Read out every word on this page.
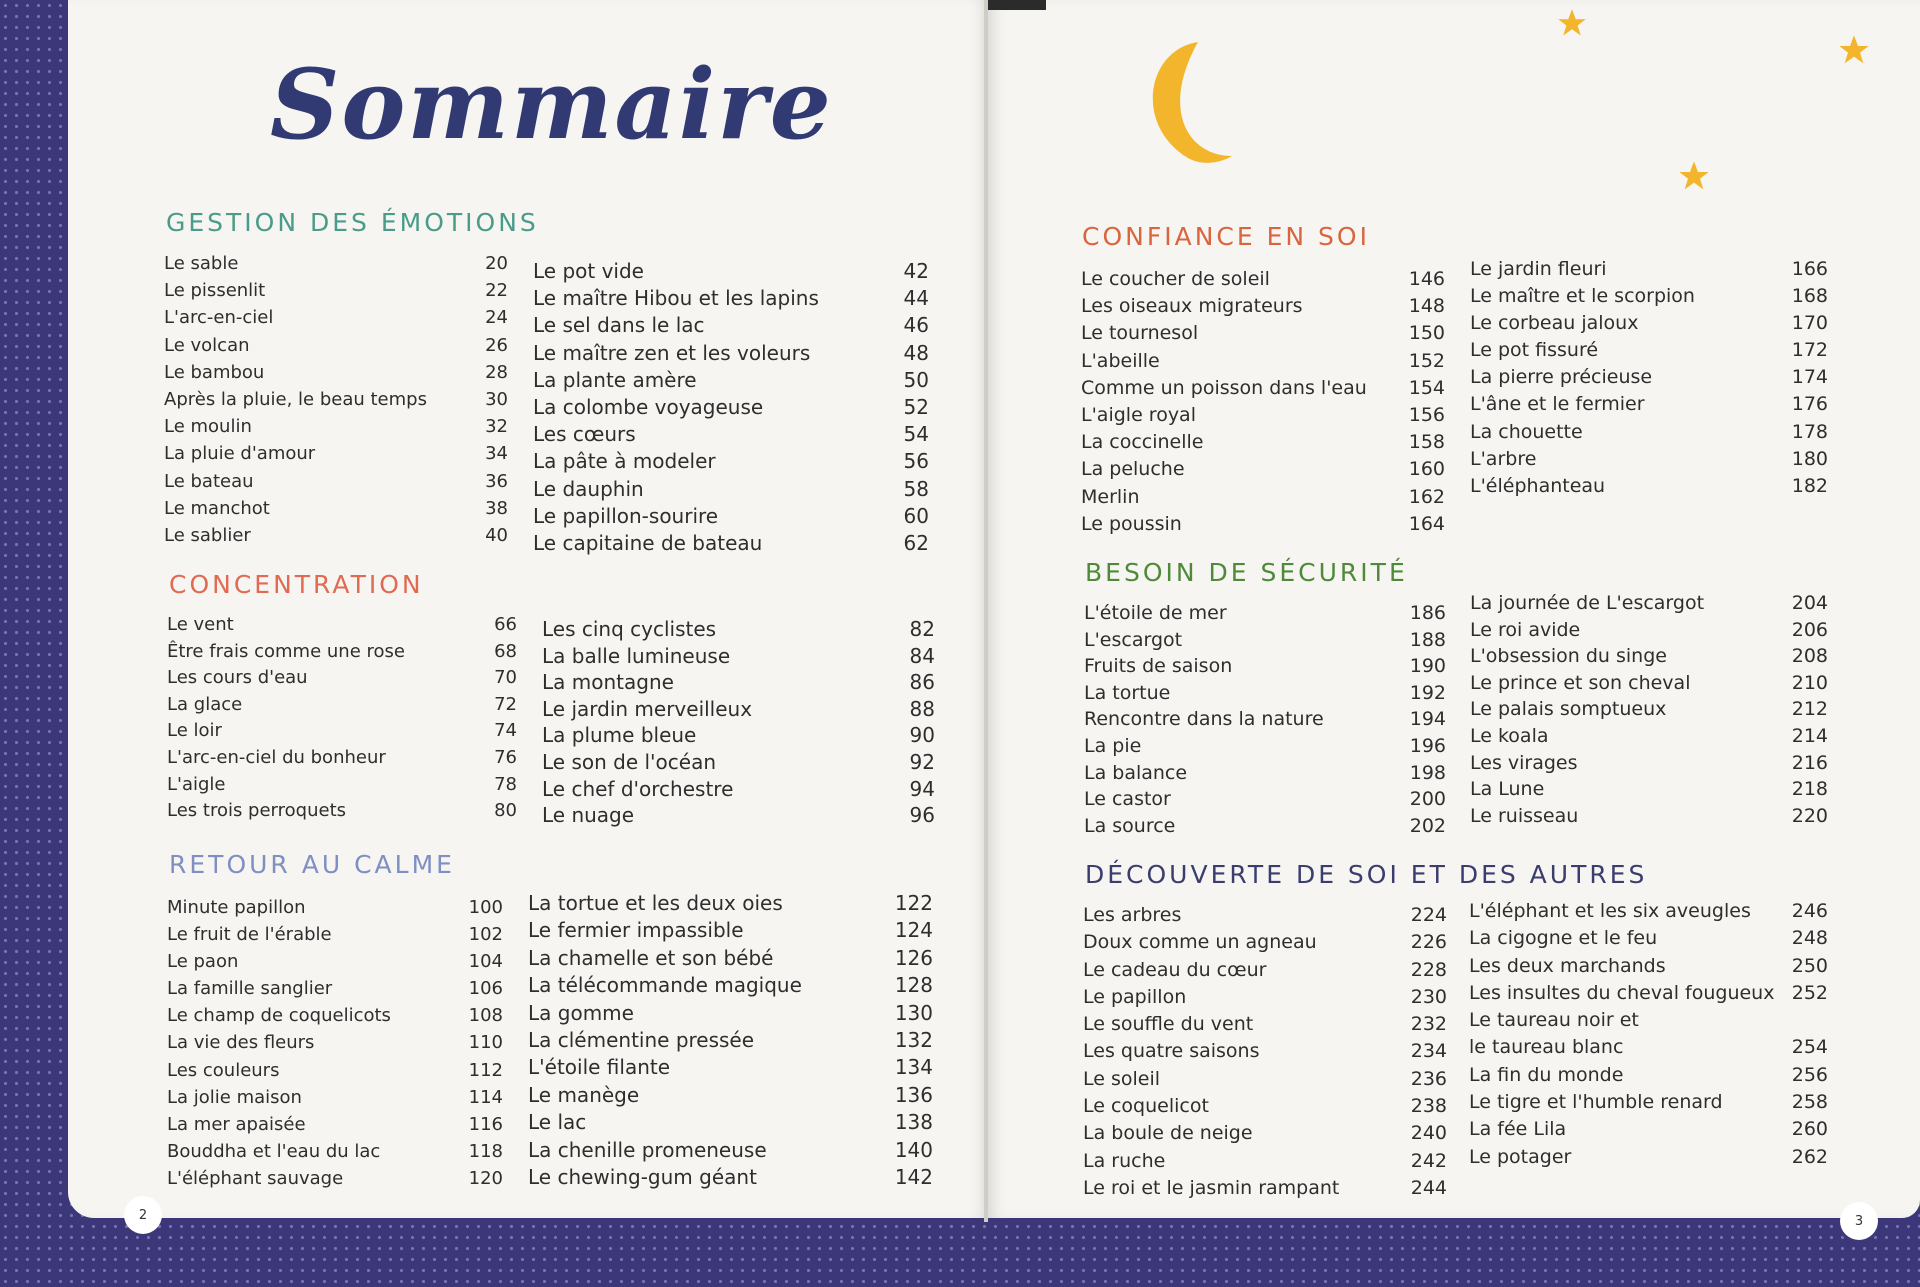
Sommaire
GESTION DES ÉMOTIONS
Le sable	20
Le pissenlit	22
L'arc-en-ciel	24
Le volcan	26
Le bambou	28
Après la pluie, le beau temps	30
Le moulin	32
La pluie d'amour	34
Le bateau	36
Le manchot	38
Le sablier	40
Le pot vide	42
Le maître Hibou et les lapins	44
Le sel dans le lac	46
Le maître zen et les voleurs	48
La plante amère	50
La colombe voyageuse	52
Les cœurs	54
La pâte à modeler	56
Le dauphin	58
Le papillon-sourire	60
Le capitaine de bateau	62
CONCENTRATION
Le vent	66
Être frais comme une rose	68
Les cours d'eau	70
La glace	72
Le loir	74
L'arc-en-ciel du bonheur	76
L'aigle	78
Les trois perroquets	80
Les cinq cyclistes	82
La balle lumineuse	84
La montagne	86
Le jardin merveilleux	88
La plume bleue	90
Le son de l'océan	92
Le chef d'orchestre	94
Le nuage	96
RETOUR AU CALME
Minute papillon	100
Le fruit de l'érable	102
Le paon	104
La famille sanglier	106
Le champ de coquelicots	108
La vie des fleurs	110
Les couleurs	112
La jolie maison	114
La mer apaisée	116
Bouddha et l'eau du lac	118
L'éléphant sauvage	120
La tortue et les deux oies	122
Le fermier impassible	124
La chamelle et son bébé	126
La télécommande magique	128
La gomme	130
La clémentine pressée	132
L'étoile filante	134
Le manège	136
Le lac	138
La chenille promeneuse	140
Le chewing-gum géant	142
CONFIANCE EN SOI
Le coucher de soleil	146
Les oiseaux migrateurs	148
Le tournesol	150
L'abeille	152
Comme un poisson dans l'eau 154
L'aigle royal	156
La coccinelle	158
La peluche	160
Merlin	162
Le poussin	164
Le jardin fleuri	166
Le maître et le scorpion	168
Le corbeau jaloux	170
Le pot fissuré	172
La pierre précieuse	174
L'âne et le fermier	176
La chouette	178
L'arbre	180
L'éléphanteau	182
BESOIN DE SÉCURITÉ
L'étoile de mer	186
L'escargot	188
Fruits de saison	190
La tortue	192
Rencontre dans la nature	194
La pie	196
La balance	198
Le castor	200
La source	202
La journée de L'escargot	204
Le roi avide	206
L'obsession du singe	208
Le prince et son cheval	210
Le palais somptueux	212
Le koala	214
Les virages	216
La Lune	218
Le ruisseau	220
DÉCOUVERTE DE SOI ET DES AUTRES
Les arbres	224
Doux comme un agneau	226
Le cadeau du cœur	228
Le papillon	230
Le souffle du vent	232
Les quatre saisons	234
Le soleil	236
Le coquelicot	238
La boule de neige	240
La ruche	242
Le roi et le jasmin rampant	244
L'éléphant et les six aveugles 246
La cigogne et le feu	248
Les deux marchands	250
Les insultes du cheval fougueux 252
Le taureau noir et
le taureau blanc	254
La fin du monde	256
Le tigre et l'humble renard	258
La fée Lila	260
Le potager	262
2	3
